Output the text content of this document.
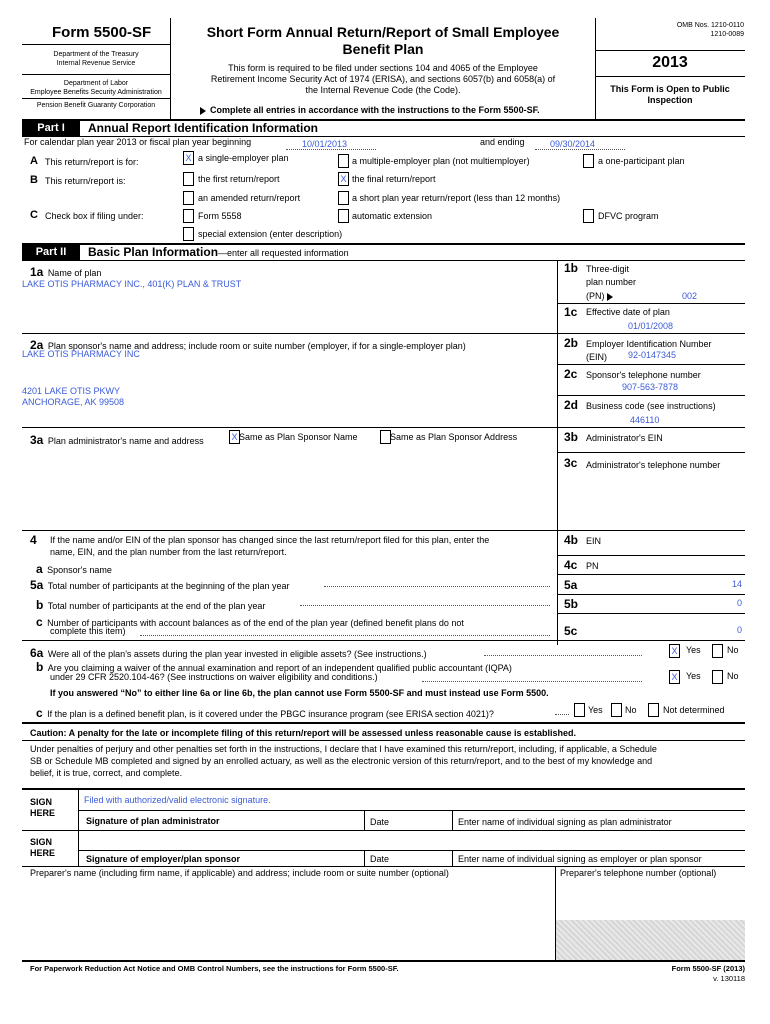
Form 5500-SF
Department of the Treasury
Internal Revenue Service
Department of Labor
Employee Benefits Security Administration
Pension Benefit Guaranty Corporation
Short Form Annual Return/Report of Small Employee
Benefit Plan
This form is required to be filed under sections 104 and 4065 of the Employee
Retirement Income Security Act of 1974 (ERISA), and sections 6057(b) and 6058(a) of
the Internal Revenue Code (the Code).
Complete all entries in accordance with the instructions to the Form 5500-SF.
OMB Nos. 1210-0110
1210-0089
2013
This Form is Open to Public
Inspection
Part I	Annual Report Identification Information
For calendar plan year 2013 or fiscal plan year beginning	10/01/2013	and ending	09/30/2014
A This return/report is for:	X a single-employer plan	a multiple-employer plan (not multiemployer)	a one-participant plan
B This return/report is:	the first return/report	X the final return/report
an amended return/report	a short plan year return/report (less than 12 months)
C Check box if filing under:	Form 5558	automatic extension	DFVC program
special extension (enter description)
Part II	Basic Plan Information—enter all requested information
1a Name of plan
LAKE OTIS PHARMACY INC., 401(K) PLAN & TRUST
1b Three-digit
plan number
(PN)	002
1c Effective date of plan
01/01/2008
2a Plan sponsor's name and address; include room or suite number (employer, if for a single-employer plan)
LAKE OTIS PHARMACY INC
4201 LAKE OTIS PKWY
ANCHORAGE, AK 99508
2b Employer Identification Number
(EIN) 92-0147345
2c Sponsor's telephone number
907-563-7878
2d Business code (see instructions)
446110
3a Plan administrator's name and address	X Same as Plan Sponsor Name	Same as Plan Sponsor Address	3b Administrator's EIN
3c Administrator's telephone number
4 If the name and/or EIN of the plan sponsor has changed since the last return/report filed for this plan, enter the
name, EIN, and the plan number from the last return/report.
a Sponsor's name
4b EIN
4c PN
5a Total number of participants at the beginning of the plan year	5a	14
b Total number of participants at the end of the plan year	5b	0
c Number of participants with account balances as of the end of the plan year (defined benefit plans do not
complete this item)	5c	0
6a Were all of the plan's assets during the plan year invested in eligible assets? (See instructions.)	X Yes	No
b Are you claiming a waiver of the annual examination and report of an independent qualified public accountant (IQPA)
under 29 CFR 2520.104-46? (See instructions on waiver eligibility and conditions.)	X Yes	No
If you answered “No” to either line 6a or line 6b, the plan cannot use Form 5500-SF and must instead use Form 5500.
c If the plan is a defined benefit plan, is it covered under the PBGC insurance program (see ERISA section 4021)?	Yes No	Not determined
Caution: A penalty for the late or incomplete filing of this return/report will be assessed unless reasonable cause is established.
Under penalties of perjury and other penalties set forth in the instructions, I declare that I have examined this return/report, including, if applicable, a Schedule
SB or Schedule MB completed and signed by an enrolled actuary, as well as the electronic version of this return/report, and to the best of my knowledge and
belief, it is true, correct, and complete.
SIGN
HERE
Filed with authorized/valid electronic signature.
Signature of plan administrator	Date	Enter name of individual signing as plan administrator
SIGN
HERE
Signature of employer/plan sponsor	Date	Enter name of individual signing as employer or plan sponsor
Preparer's name (including firm name, if applicable) and address; include room or suite number (optional)	Preparer's telephone number (optional)
For Paperwork Reduction Act Notice and OMB Control Numbers, see the instructions for Form 5500-SF.	Form 5500-SF (2013)
v. 130118
